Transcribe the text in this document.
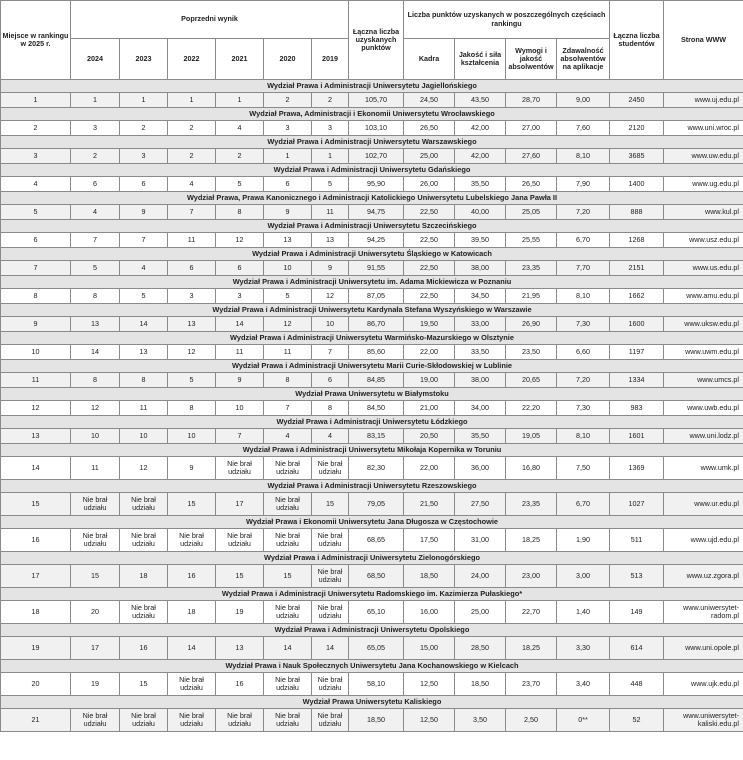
Miejsce w rankingu w 2025 r.	Poprzedni wynik						Łączna liczba uzyskanych punktów	Liczba punktów uzyskanych w poszczególnych częściach rankingu				Łączna liczba studentów	Strona WWW
	2024	2023	2022	2021	2020	2019		Kadra	Jakość i siła kształcenia	Wymogi i jakość absolwentów	Zdawalność absolwentów na aplikacje		
Wydział Prawa i Administracji Uniwersytetu Jagiellońskiego													
1	1	1	1	1	2	2	105,70	24,50	43,50	28,70	9,00	2450	www.uj.edu.pl
Wydział Prawa, Administracji i Ekonomii Uniwersytetu Wrocławskiego													
2	3	2	2	4	3	3	103,10	26,50	42,00	27,00	7,60	2120	www.uni.wroc.pl
Wydział Prawa i Administracji Uniwersytetu Warszawskiego													
3	2	3	2	2	1	1	102,70	25,00	42,00	27,60	8,10	3685	www.uw.edu.pl
Wydział Prawa i Administracji Uniwersytetu Gdańskiego													
4	6	6	4	5	6	5	95,90	26,00	35,50	26,50	7,90	1400	www.ug.edu.pl
Wydział Prawa, Prawa Kanonicznego i Administracji Katolickiego Uniwersytetu Lubelskiego Jana Pawła II													
5	4	9	7	8	9	11	94,75	22,50	40,00	25,05	7,20	888	www.kul.pl
Wydział Prawa i Administracji Uniwersytetu Szczecińskiego													
6	7	7	11	12	13	13	94,25	22,50	39,50	25,55	6,70	1268	www.usz.edu.pl
Wydział Prawa i Administracji Uniwersytetu Śląskiego w Katowicach													
7	5	4	6	6	10	9	91,55	22,50	38,00	23,35	7,70	2151	www.us.edu.pl
Wydział Prawa i Administracji Uniwersytetu im. Adama Mickiewicza w Poznaniu													
8	8	5	3	3	5	12	87,05	22,50	34,50	21,95	8,10	1662	www.amu.edu.pl
Wydział Prawa i Administracji Uniwersytetu Kardynała Stefana Wyszyńskiego w Warszawie													
9	13	14	13	14	12	10	86,70	19,50	33,00	26,90	7,30	1600	www.uksw.edu.pl
Wydział Prawa i Administracji Uniwersytetu Warmińsko-Mazurskiego w Olsztynie													
10	14	13	12	11	11	7	85,60	22,00	33,50	23,50	6,60	1197	www.uwm.edu.pl
Wydział Prawa i Administracji Uniwersytetu Marii Curie-Skłodowskiej w Lublinie													
11	8	8	5	9	8	6	84,85	19,00	38,00	20,65	7,20	1334	www.umcs.pl
Wydział Prawa Uniwersytetu w Białymstoku													
12	12	11	8	10	7	8	84,50	21,00	34,00	22,20	7,30	983	www.uwb.edu.pl
Wydział Prawa i Administracji Uniwersytetu Łódzkiego													
13	10	10	10	7	4	4	83,15	20,50	35,50	19,05	8,10	1601	www.uni.lodz.pl
Wydział Prawa i Administracji Uniwersytetu Mikołaja Kopernika w Toruniu													
14	11	12	9	Nie brał udziału	Nie brał udziału	Nie brał udziału	82,30	22,00	36,00	16,80	7,50	1369	www.umk.pl
Wydział Prawa i Administracji Uniwersytetu Rzeszowskiego													
15	Nie brał udziału	Nie brał udziału	15	17	Nie brał udziału	15	79,05	21,50	27,50	23,35	6,70	1027	www.ur.edu.pl
Wydział Prawa i Ekonomii Uniwersytetu Jana Długosza w Częstochowie													
16	Nie brał udziału	Nie brał udziału	Nie brał udziału	Nie brał udziału	Nie brał udziału	Nie brał udziału	68,65	17,50	31,00	18,25	1,90	511	www.ujd.edu.pl
Wydział Prawa i Administracji Uniwersytetu Zielonogórskiego													
17	15	18	16	15	15	Nie brał udziału	68,50	18,50	24,00	23,00	3,00	513	www.uz.zgora.pl
Wydział Prawa i Administracji Uniwersytetu Radomskiego im. Kazimierza Pułaskiego*													
18	20	Nie brał udziału	18	19	Nie brał udziału	Nie brał udziału	65,10	16,00	25,00	22,70	1,40	149	www.uniwersytet-radom.pl
Wydział Prawa i Administracji Uniwersytetu Opolskiego													
19	17	16	14	13	14	14	65,05	15,00	28,50	18,25	3,30	614	www.uni.opole.pl
Wydział Prawa i Nauk Społecznych Uniwersytetu Jana Kochanowskiego w Kielcach													
20	19	15	Nie brał udziału	16	Nie brał udziału	Nie brał udziału	58,10	12,50	18,50	23,70	3,40	448	www.ujk.edu.pl
Wydział Prawa Uniwersytetu Kaliskiego													
21	Nie brał udziału	Nie brał udziału	Nie brał udziału	Nie brał udziału	Nie brał udziału	Nie brał udziału	18,50	12,50	3,50	2,50	0**	52	www.uniwersytet-kaliski.edu.pl
